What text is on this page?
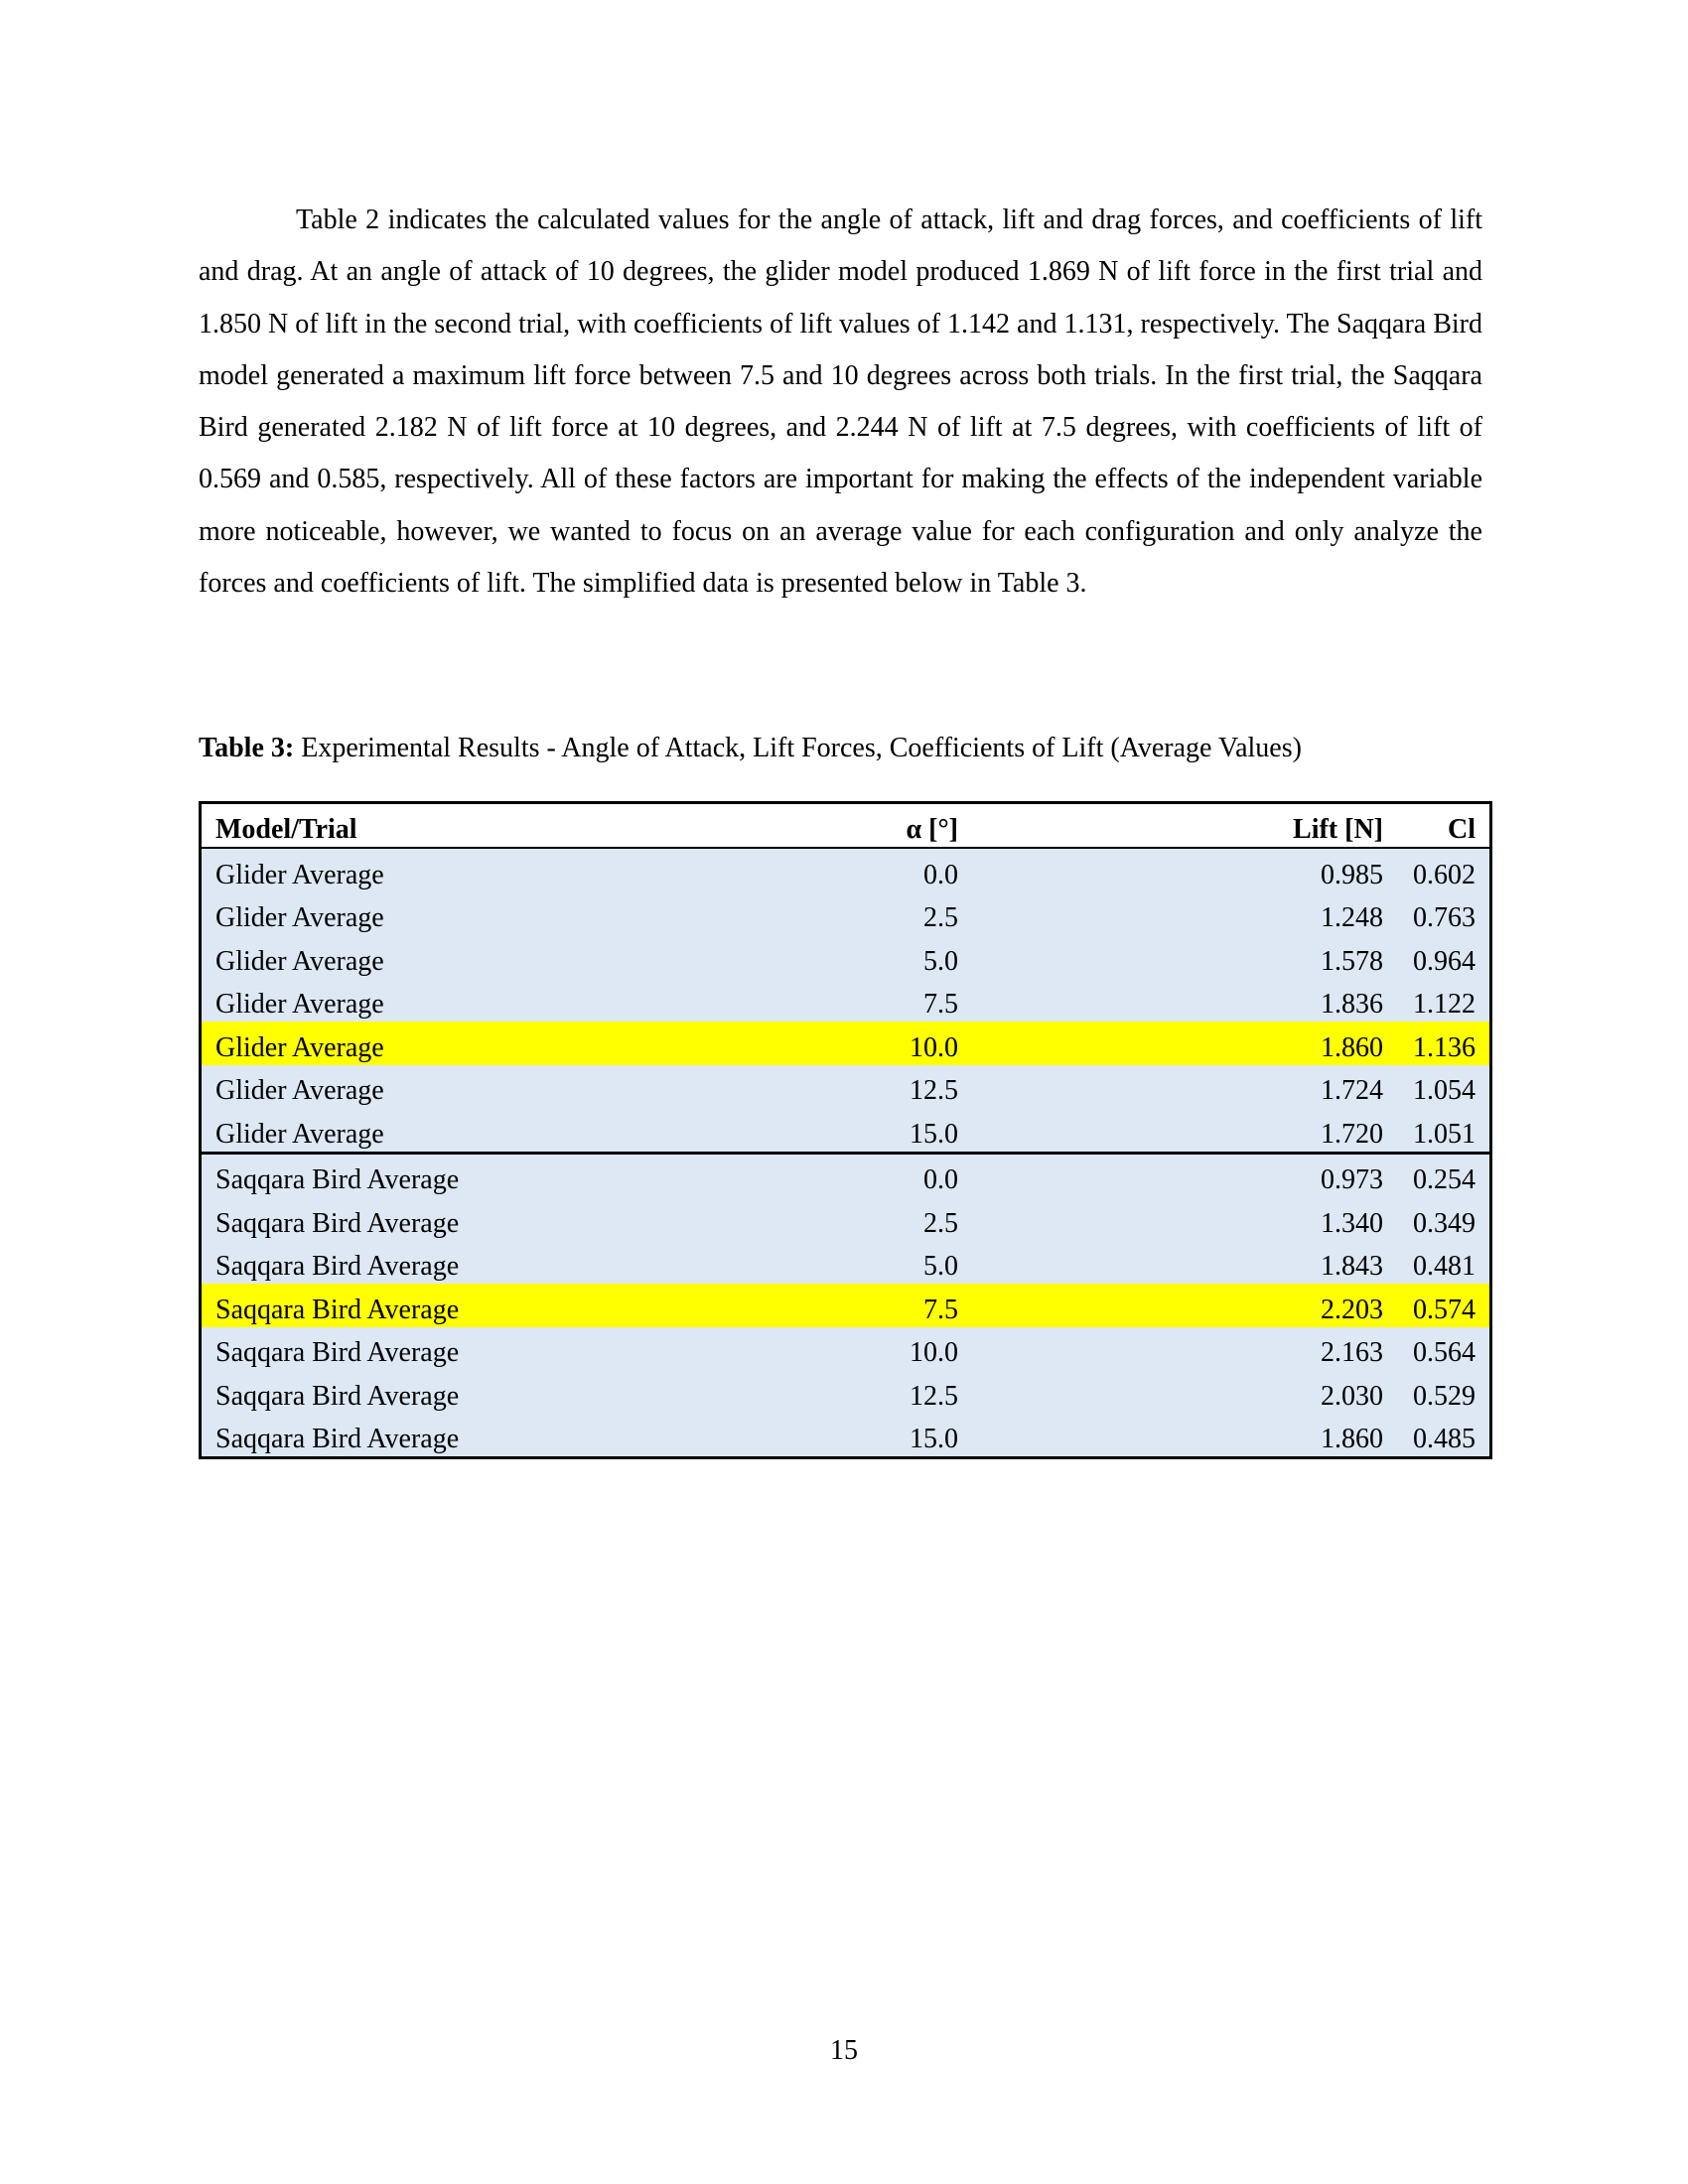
Table 2 indicates the calculated values for the angle of attack, lift and drag forces, and coefficients of lift and drag. At an angle of attack of 10 degrees, the glider model produced 1.869 N of lift force in the first trial and 1.850 N of lift in the second trial, with coefficients of lift values of 1.142 and 1.131, respectively. The Saqqara Bird model generated a maximum lift force between 7.5 and 10 degrees across both trials. In the first trial, the Saqqara Bird generated 2.182 N of lift force at 10 degrees, and 2.244 N of lift at 7.5 degrees, with coefficients of lift of 0.569 and 0.585, respectively. All of these factors are important for making the effects of the independent variable more noticeable, however, we wanted to focus on an average value for each configuration and only analyze the forces and coefficients of lift. The simplified data is presented below in Table 3.

Table 3: Experimental Results - Angle of Attack, Lift Forces, Coefficients of Lift (Average Values)

Model/Trial	α [°]	Lift [N]	Cl
Glider Average	0.0	0.985	0.602
Glider Average	2.5	1.248	0.763
Glider Average	5.0	1.578	0.964
Glider Average	7.5	1.836	1.122
Glider Average	10.0	1.860	1.136
Glider Average	12.5	1.724	1.054
Glider Average	15.0	1.720	1.051
Saqqara Bird Average	0.0	0.973	0.254
Saqqara Bird Average	2.5	1.340	0.349
Saqqara Bird Average	5.0	1.843	0.481
Saqqara Bird Average	7.5	2.203	0.574
Saqqara Bird Average	10.0	2.163	0.564
Saqqara Bird Average	12.5	2.030	0.529
Saqqara Bird Average	15.0	1.860	0.485

15
